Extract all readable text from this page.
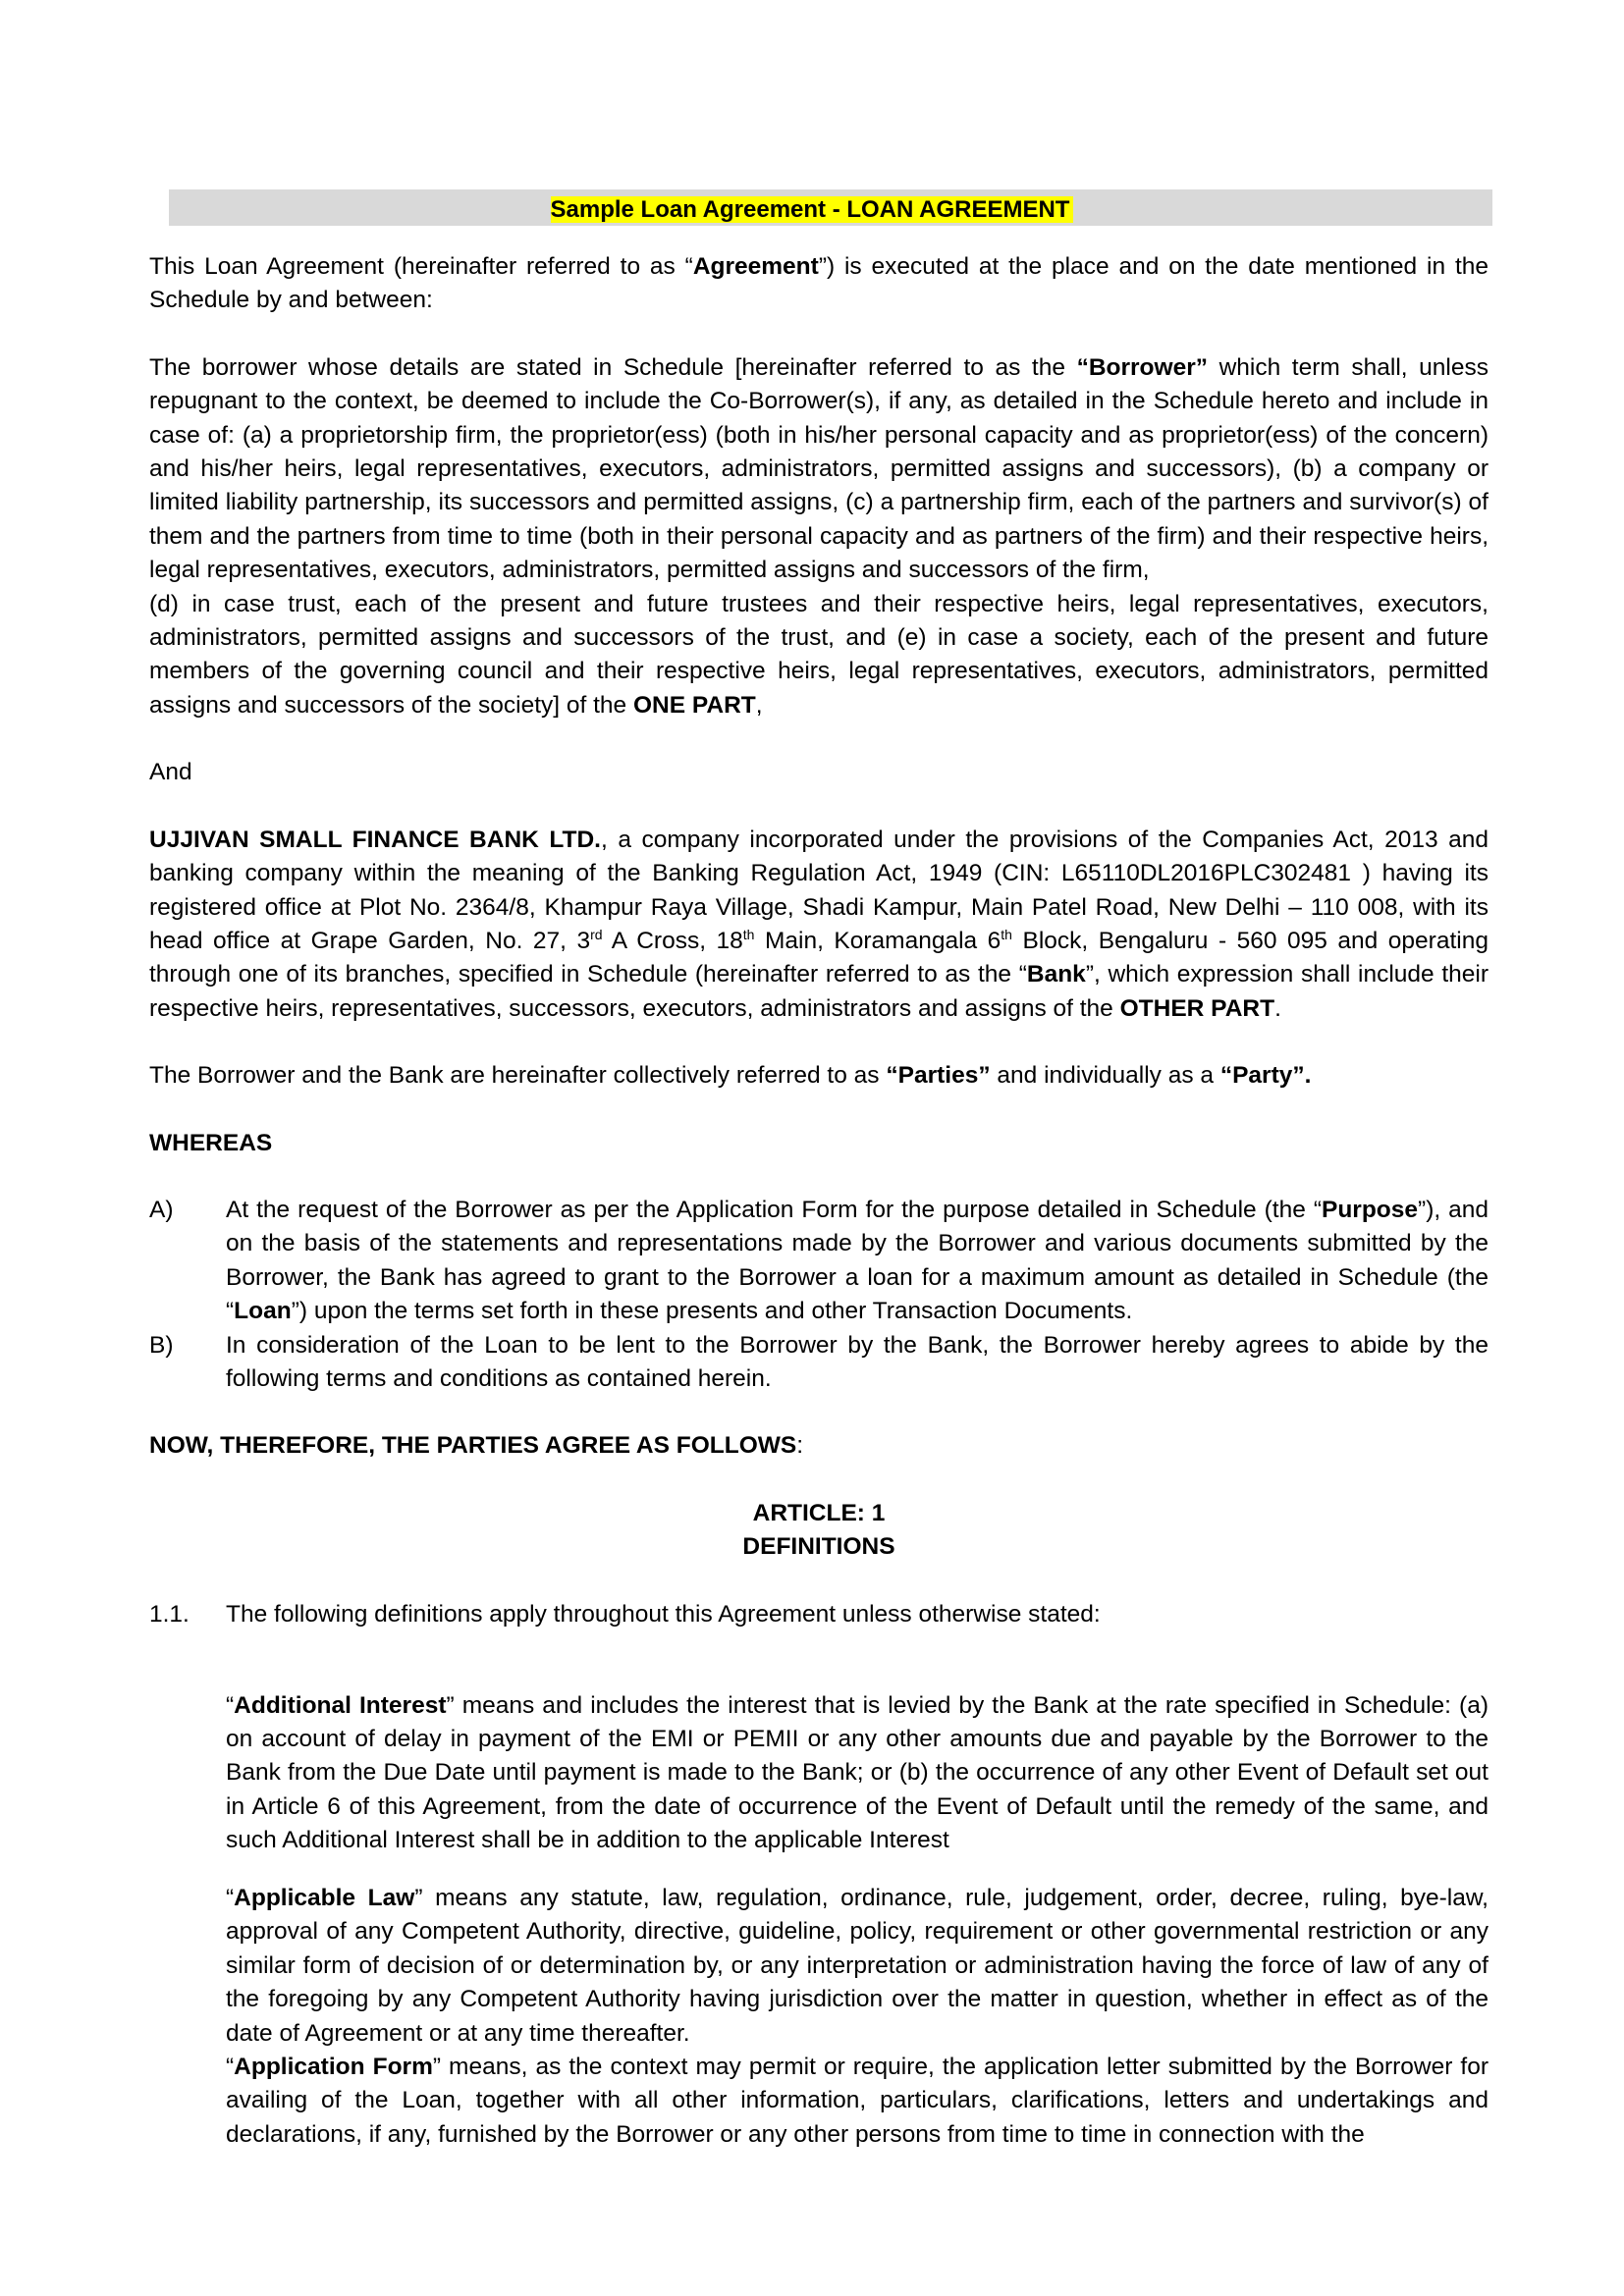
Sample Loan Agreement - LOAN AGREEMENT

This Loan Agreement (hereinafter referred to as “Agreement”) is executed at the place and on the date mentioned in the Schedule by and between:

The borrower whose details are stated in Schedule [hereinafter referred to as the “Borrower” which term shall, unless repugnant to the context, be deemed to include the Co-Borrower(s), if any, as detailed in the Schedule hereto and include in case of: (a) a proprietorship firm, the proprietor(ess) (both in his/her personal capacity and as proprietor(ess) of the concern) and his/her heirs, legal representatives, executors, administrators, permitted assigns and successors), (b) a company or limited liability partnership, its successors and permitted assigns, (c) a partnership firm, each of the partners and survivor(s) of them and the partners from time to time (both in their personal capacity and as partners of the firm) and their respective heirs, legal representatives, executors, administrators, permitted assigns and successors of the firm,

(d) in case trust, each of the present and future trustees and their respective heirs, legal representatives, executors, administrators, permitted assigns and successors of the trust, and (e) in case a society, each of the present and future members of the governing council and their respective heirs, legal representatives, executors, administrators, permitted assigns and successors of the society] of the ONE PART,

And

UJJIVAN SMALL FINANCE BANK LTD., a company incorporated under the provisions of the Companies Act, 2013 and banking company within the meaning of the Banking Regulation Act, 1949 (CIN: L65110DL2016PLC302481 ) having its registered office at Plot No. 2364/8, Khampur Raya Village, Shadi Kampur, Main Patel Road, New Delhi – 110 008, with its head office at Grape Garden, No. 27, 3rd A Cross, 18th Main, Koramangala 6th Block, Bengaluru - 560 095 and operating through one of its branches, specified in Schedule (hereinafter referred to as the “Bank”, which expression shall include their respective heirs, representatives, successors, executors, administrators and assigns of the OTHER PART.

The Borrower and the Bank are hereinafter collectively referred to as “Parties” and individually as a “Party”.

WHEREAS

A)	At the request of the Borrower as per the Application Form for the purpose detailed in Schedule (the “Purpose”), and on the basis of the statements and representations made by the Borrower and various documents submitted by the Borrower, the Bank has agreed to grant to the Borrower a loan for a maximum amount as detailed in Schedule (the “Loan”) upon the terms set forth in these presents and other Transaction Documents.
B)	In consideration of the Loan to be lent to the Borrower by the Bank, the Borrower hereby agrees to abide by the following terms and conditions as contained herein.

NOW, THEREFORE, THE PARTIES AGREE AS FOLLOWS:

ARTICLE: 1
DEFINITIONS
1.1.	The following definitions apply throughout this Agreement unless otherwise stated:

“Additional Interest” means and includes the interest that is levied by the Bank at the rate specified in Schedule: (a) on account of delay in payment of the EMI or PEMII or any other amounts due and payable by the Borrower to the Bank from the Due Date until payment is made to the Bank; or (b) the occurrence of any other Event of Default set out in Article 6 of this Agreement, from the date of occurrence of the Event of Default until the remedy of the same, and such Additional Interest shall be in addition to the applicable Interest

“Applicable Law” means any statute, law, regulation, ordinance, rule, judgement, order, decree, ruling, bye-law, approval of any Competent Authority, directive, guideline, policy, requirement or other governmental restriction or any similar form of decision of or determination by, or any interpretation or administration having the force of law of any of the foregoing by any Competent Authority having jurisdiction over the matter in question, whether in effect as of the date of Agreement or at any time thereafter.

“Application Form” means, as the context may permit or require, the application letter submitted by the Borrower for availing of the Loan, together with all other information, particulars, clarifications, letters and undertakings and declarations, if any, furnished by the Borrower or any other persons from time to time in connection with the
